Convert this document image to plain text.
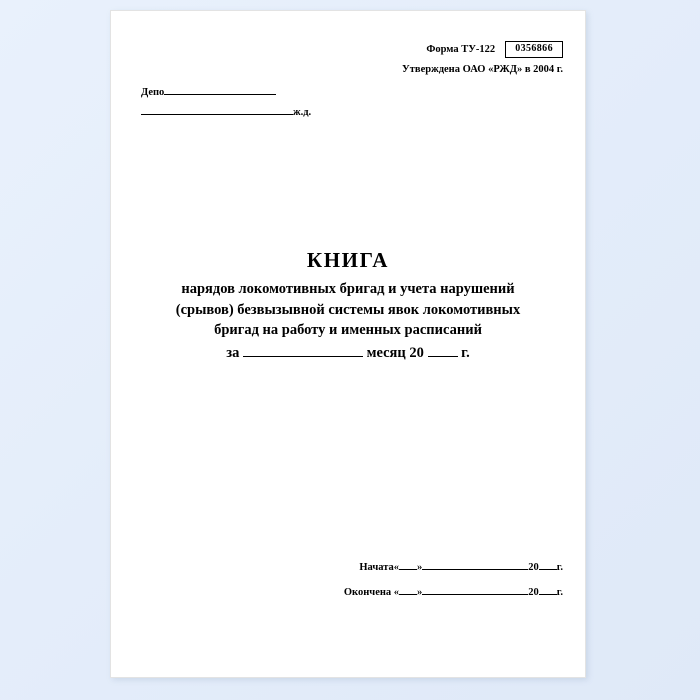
Форма ТУ-122	0356866
Утверждена ОАО «РЖД» в 2004 г.
Депо
ж.д.
КНИГА
нарядов локомотивных бригад и учета нарушений
(срывов) безвызывной системы явок локомотивных
бригад на работу и именных расписаний
за	месяц 20	г.
Начата« »	20 г.
Окончена « »	20 г.
